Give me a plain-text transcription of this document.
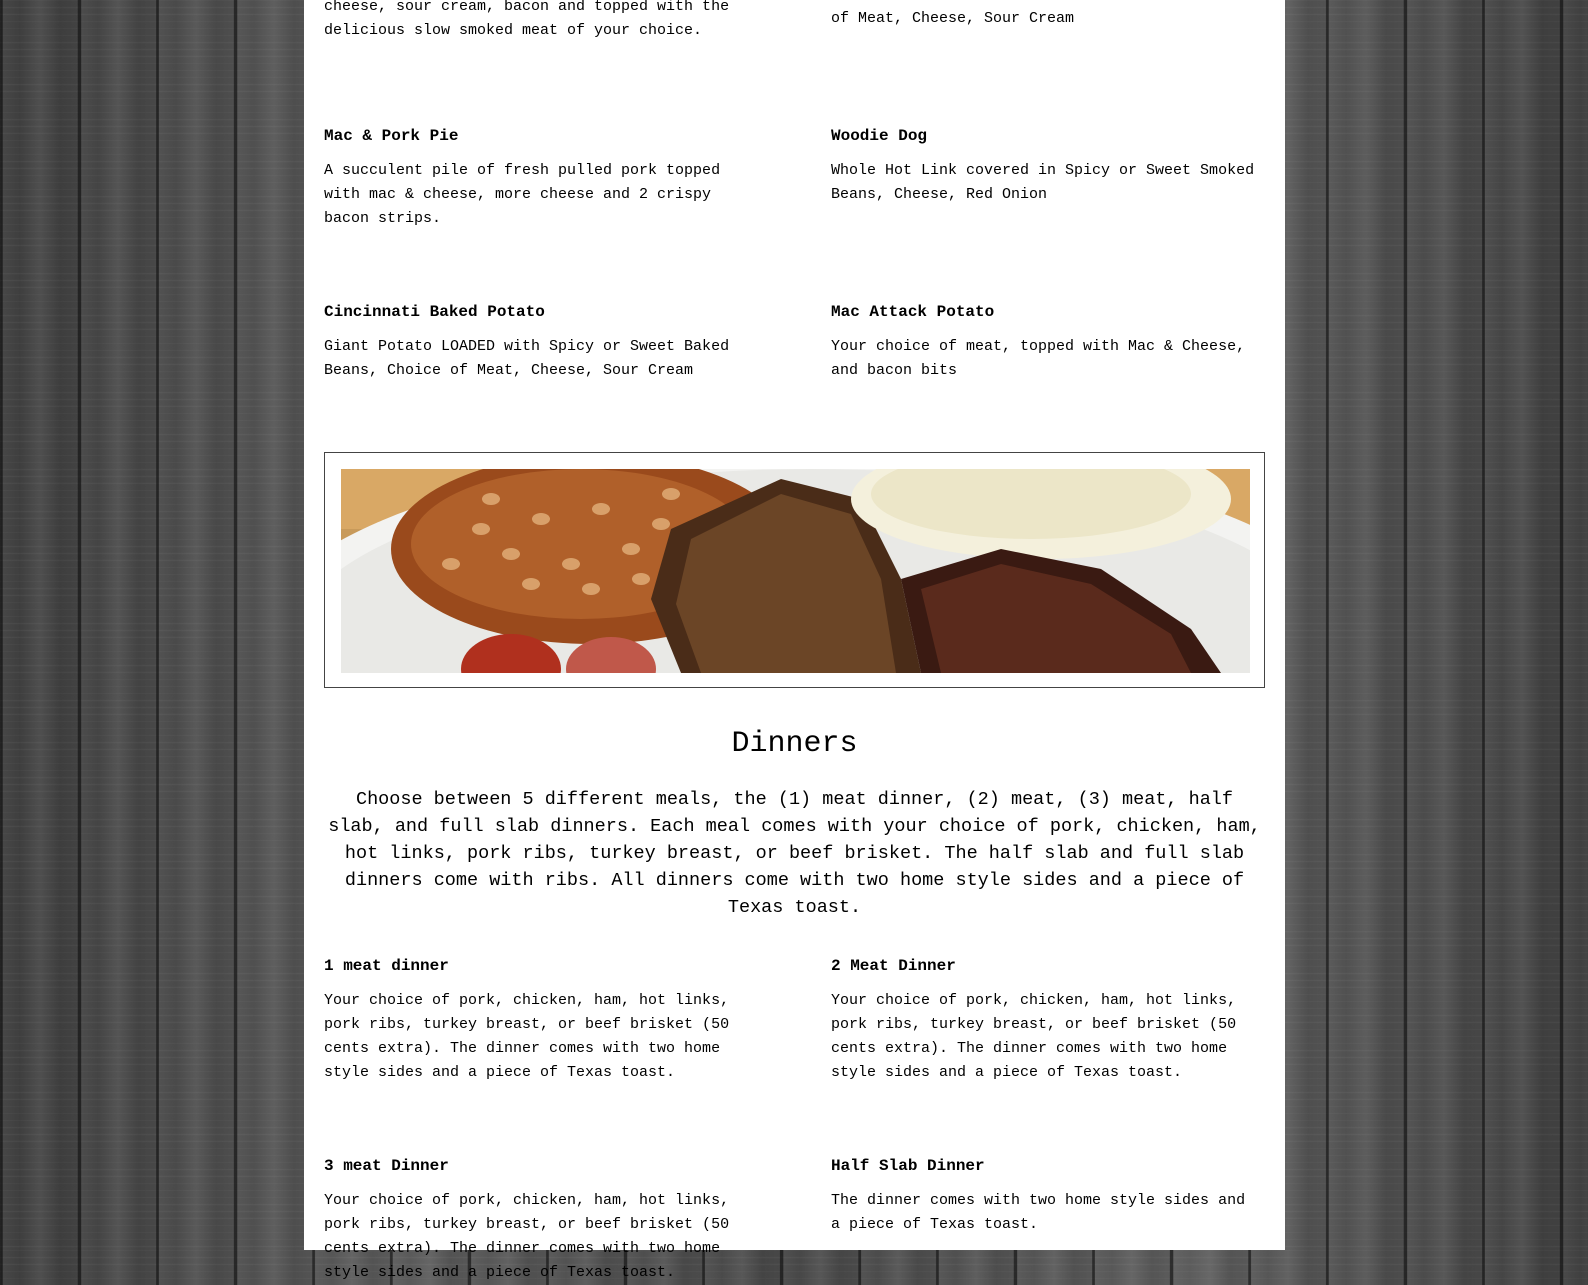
cheese, sour cream, bacon and topped with the delicious slow smoked meat of your choice.
of Meat, Cheese, Sour Cream

Mac & Pork Pie

A succulent pile of fresh pulled pork topped with mac & cheese, more cheese and 2 crispy bacon strips.

Woodie Dog

Whole Hot Link covered in Spicy or Sweet Smoked Beans, Cheese, Red Onion

Cincinnati Baked Potato

Giant Potato LOADED with Spicy or Sweet Baked Beans, Choice of Meat, Cheese, Sour Cream

Mac Attack Potato

Your choice of meat, topped with Mac & Cheese, and bacon bits

Dinners

Choose between 5 different meals, the (1) meat dinner, (2) meat, (3) meat, half slab, and full slab dinners. Each meal comes with your choice of pork, chicken, ham, hot links, pork ribs, turkey breast, or beef brisket. The half slab and full slab dinners come with ribs. All dinners come with two home style sides and a piece of Texas toast.

1 meat dinner

Your choice of pork, chicken, ham, hot links, pork ribs, turkey breast, or beef brisket (50 cents extra). The dinner comes with two home style sides and a piece of Texas toast.

2 Meat Dinner

Your choice of pork, chicken, ham, hot links, pork ribs, turkey breast, or beef brisket (50 cents extra). The dinner comes with two home style sides and a piece of Texas toast.

3 meat Dinner

Your choice of pork, chicken, ham, hot links, pork ribs, turkey breast, or beef brisket (50 cents extra). The dinner comes with two home style sides and a piece of Texas toast.

Half Slab Dinner

The dinner comes with two home style sides and a piece of Texas toast.
